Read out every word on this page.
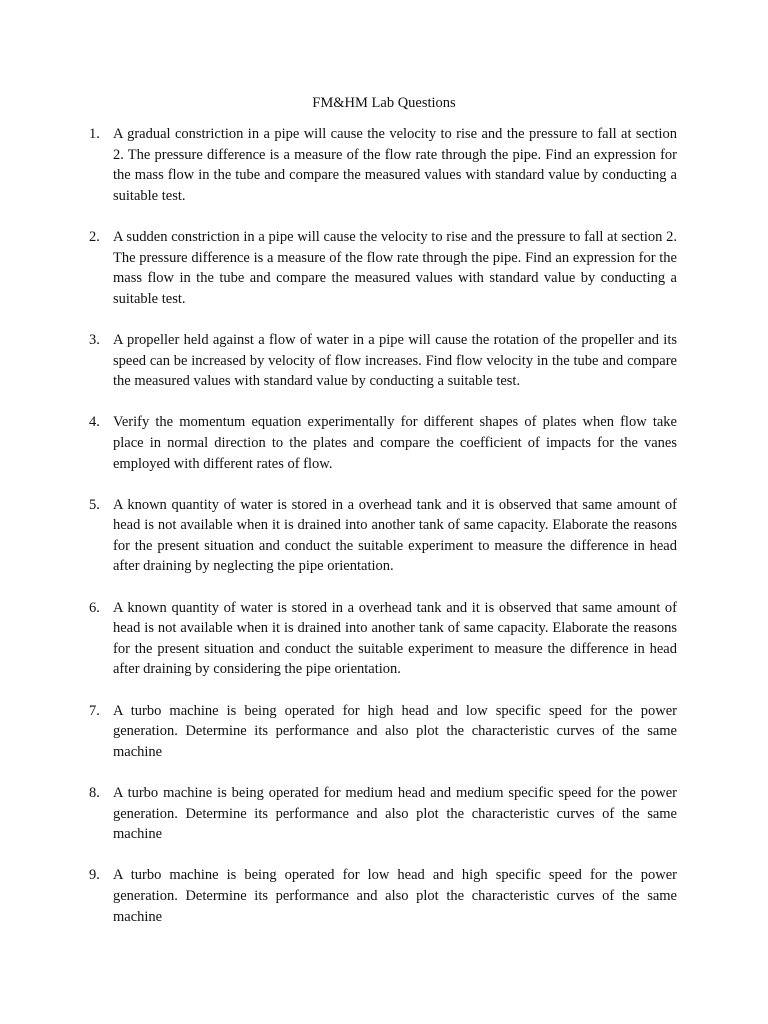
FM&HM Lab Questions
1. A gradual constriction in a pipe will cause the velocity to rise and the pressure to fall at section 2. The pressure difference is a measure of the flow rate through the pipe. Find an expression for the mass flow in the tube and compare the measured values with standard value by conducting a suitable test.
2. A sudden constriction in a pipe will cause the velocity to rise and the pressure to fall at section 2. The pressure difference is a measure of the flow rate through the pipe. Find an expression for the mass flow in the tube and compare the measured values with standard value by conducting a suitable test.
3. A propeller held against a flow of water in a pipe will cause the rotation of the propeller and its speed can be increased by velocity of flow increases. Find flow velocity in the tube and compare the measured values with standard value by conducting a suitable test.
4. Verify the momentum equation experimentally for different shapes of plates when flow take place in normal direction to the plates and compare the coefficient of impacts for the vanes employed with different rates of flow.
5. A known quantity of water is stored in a overhead tank and it is observed that same amount of head is not available when it is drained into another tank of same capacity. Elaborate the reasons for the present situation and conduct the suitable experiment to measure the difference in head after draining by neglecting the pipe orientation.
6. A known quantity of water is stored in a overhead tank and it is observed that same amount of head is not available when it is drained into another tank of same capacity. Elaborate the reasons for the present situation and conduct the suitable experiment to measure the difference in head after draining by considering the pipe orientation.
7. A turbo machine is being operated for high head and low specific speed for the power generation. Determine its performance and also plot the characteristic curves of the same machine
8. A turbo machine is being operated for medium head and medium specific speed for the power generation. Determine its performance and also plot the characteristic curves of the same machine
9. A turbo machine is being operated for low head and high specific speed for the power generation. Determine its performance and also plot the characteristic curves of the same machine
